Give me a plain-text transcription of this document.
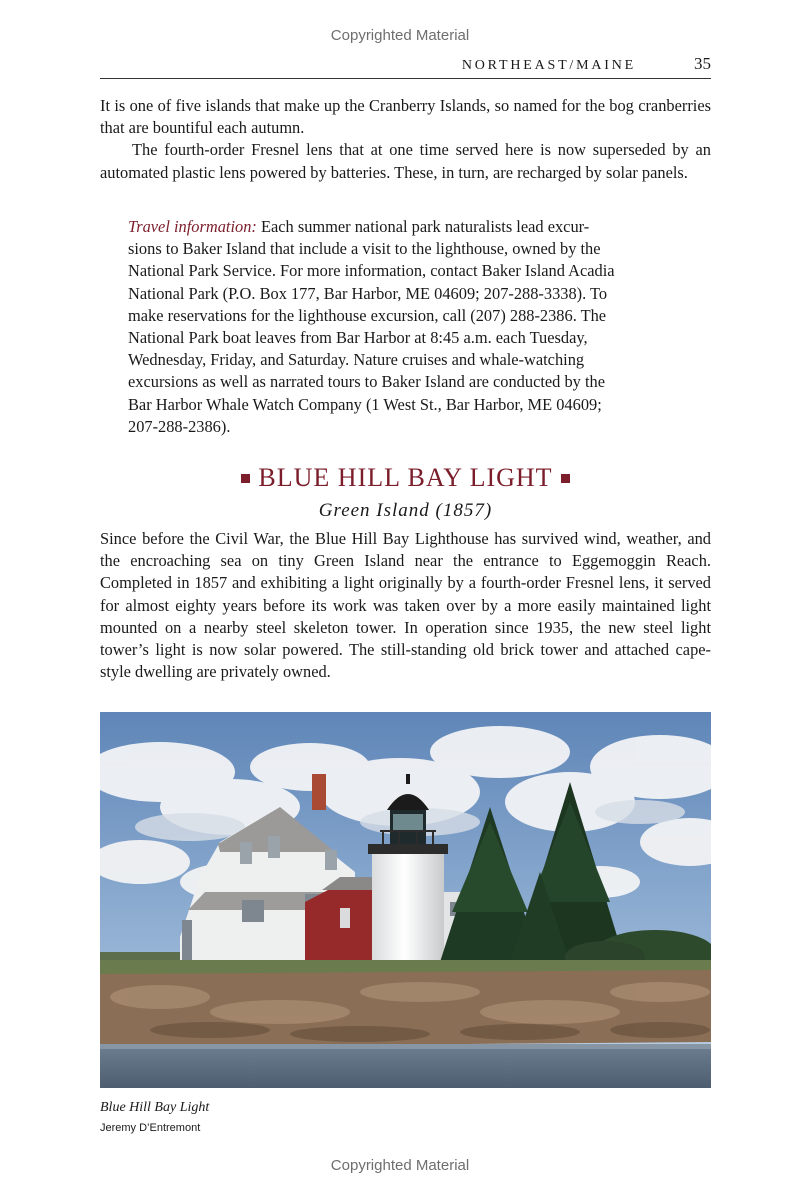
Copyrighted Material
NORTHEAST/MAINE	35

It is one of five islands that make up the Cranberry Islands, so named for the bog cranberries that are bountiful each autumn.

The fourth-order Fresnel lens that at one time served here is now superseded by an automated plastic lens powered by batteries. These, in turn, are recharged by solar panels.

Travel information: Each summer national park naturalists lead excur-
sions to Baker Island that include a visit to the lighthouse, owned by the
National Park Service. For more information, contact Baker Island Acadia
National Park (P.O. Box 177, Bar Harbor, ME 04609; 207-288-3338). To
make reservations for the lighthouse excursion, call (207) 288-2386. The
National Park boat leaves from Bar Harbor at 8:45 a.m. each Tuesday,
Wednesday, Friday, and Saturday. Nature cruises and whale-watching
excursions as well as narrated tours to Baker Island are conducted by the
Bar Harbor Whale Watch Company (1 West St., Bar Harbor, ME 04609;
207-288-2386).
BLUE HILL BAY LIGHT
Green Island (1857)

Since before the Civil War, the Blue Hill Bay Lighthouse has survived wind, weather, and the encroaching sea on tiny Green Island near the entrance to Eggemoggin Reach. Completed in 1857 and exhibiting a light originally by a fourth-order Fresnel lens, it served for almost eighty years before its work was taken over by a more easily maintained light mounted on a nearby steel skeleton tower. In operation since 1935, the new steel light tower’s light is now solar powered. The still-standing old brick tower and attached cape-style dwelling are privately owned.

Blue Hill Bay Light
Jeremy D’Entremont
Copyrighted Material
